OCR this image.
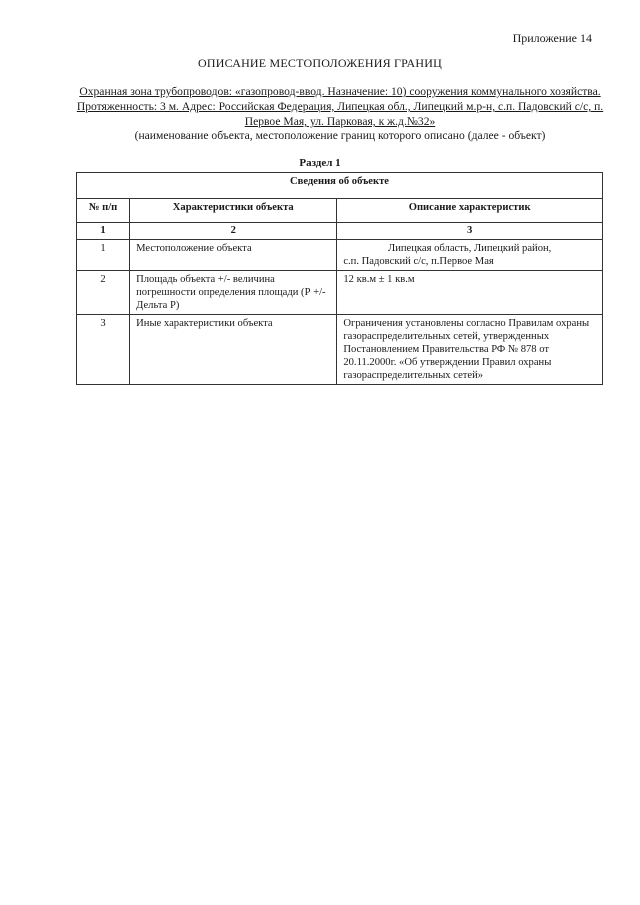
Приложение 14
ОПИСАНИЕ МЕСТОПОЛОЖЕНИЯ ГРАНИЦ
Охранная зона трубопроводов: «газопровод-ввод. Назначение: 10) сооружения коммунального хозяйства. Протяженность: 3 м. Адрес: Российская Федерация, Липецкая обл., Липецкий м.р-н, с.п. Падовский с/с, п. Первое Мая, ул. Парковая, к ж.д.№32»
(наименование объекта, местоположение границ которого описано (далее - объект)
Раздел 1
Сведения об объекте		
№ п/п	Характеристики объекта	Описание характеристик
1	2	3
1	Местоположение объекта	Липецкая область, Липецкий район,
с.п. Падовский с/с, п.Первое Мая

2	Площадь объекта +/- величина погрешности определения площади (Р +/- Дельта Р)	12 кв.м ± 1 кв.м
3	Иные характеристики объекта	Ограничения установлены согласно Правилам охраны газораспределительных сетей, утвержденных Постановлением Правительства РФ № 878 от 20.11.2000г. «Об утверждении Правил охраны газораспределительных сетей»
